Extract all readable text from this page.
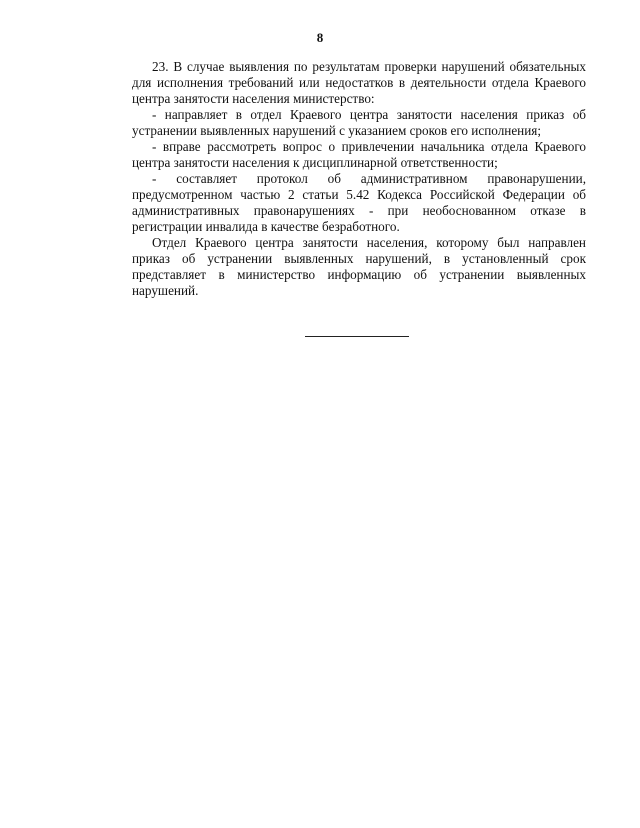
8

23. В случае выявления по результатам проверки нарушений обязательных для исполнения требований или недостатков в деятельности отдела Краевого центра занятости населения министерство:

- направляет в отдел Краевого центра занятости населения приказ об устранении выявленных нарушений с указанием сроков его исполнения;

- вправе рассмотреть вопрос о привлечении начальника отдела Краевого центра занятости населения к дисциплинарной ответственности;

- составляет протокол об административном правонарушении, предусмотренном частью 2 статьи 5.42 Кодекса Российской Федерации об административных правонарушениях - при необоснованном отказе в регистрации инвалида в качестве безработного.

Отдел Краевого центра занятости населения, которому был направлен приказ об устранении выявленных нарушений, в установленный срок представляет в министерство информацию об устранении выявленных нарушений.
